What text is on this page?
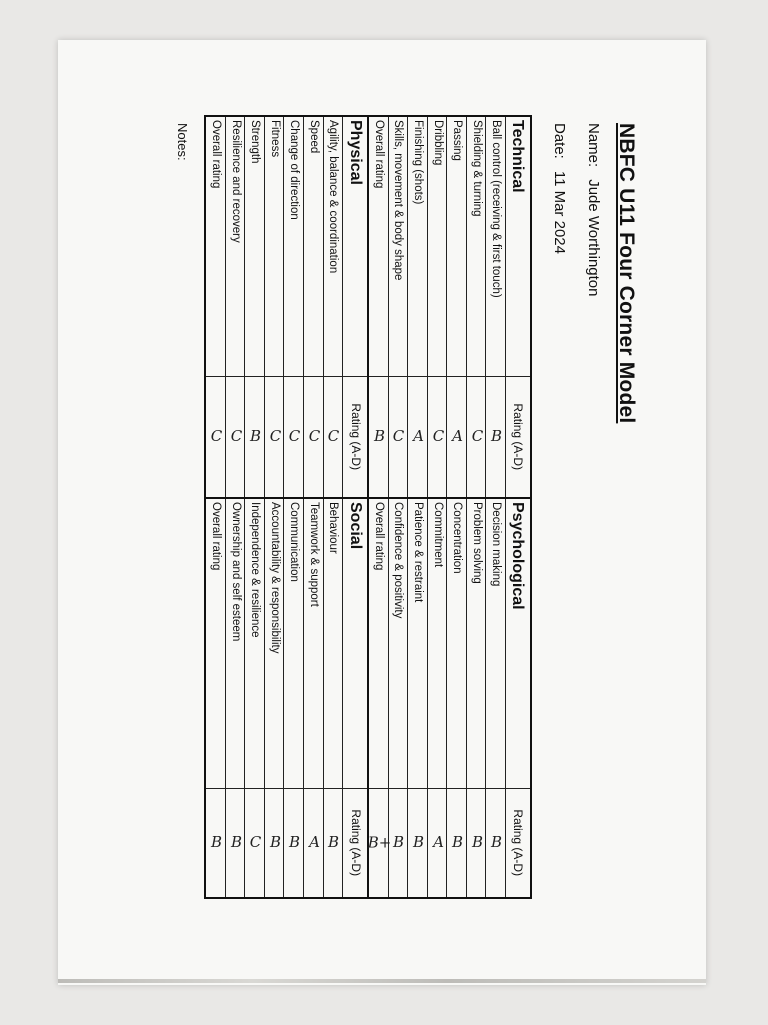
NBFC U11 Four Corner Model
Name:Jude Worthington
Date:11 Mar 2024
Technical	Rating (A-D)	Psychological	Rating (A-D)
Ball control (receiving & first touch)	B	Decision making	B
Shielding & turning	C	Problem solving	B
Passing	A	Concentration	B
Dribbling	C	Commitment	A
Finishing (shots)	A	Patience & restraint	B
Skills, movement & body shape	C	Confidence & positivity	B
Overall rating	B	Overall rating	B+
Physical	Rating (A-D)	Social	Rating (A-D)
Agility, balance & coordination	C	Behaviour	B
Speed	C	Teamwork & support	A
Change of direction	C	Communication	B
Fitness	C	Accountability & responsibility	B
Strength	B	Independence & resilience	C
Resilience and recovery	C	Ownership and self esteem	B
Overall rating	C	Overall rating	B
Notes:
